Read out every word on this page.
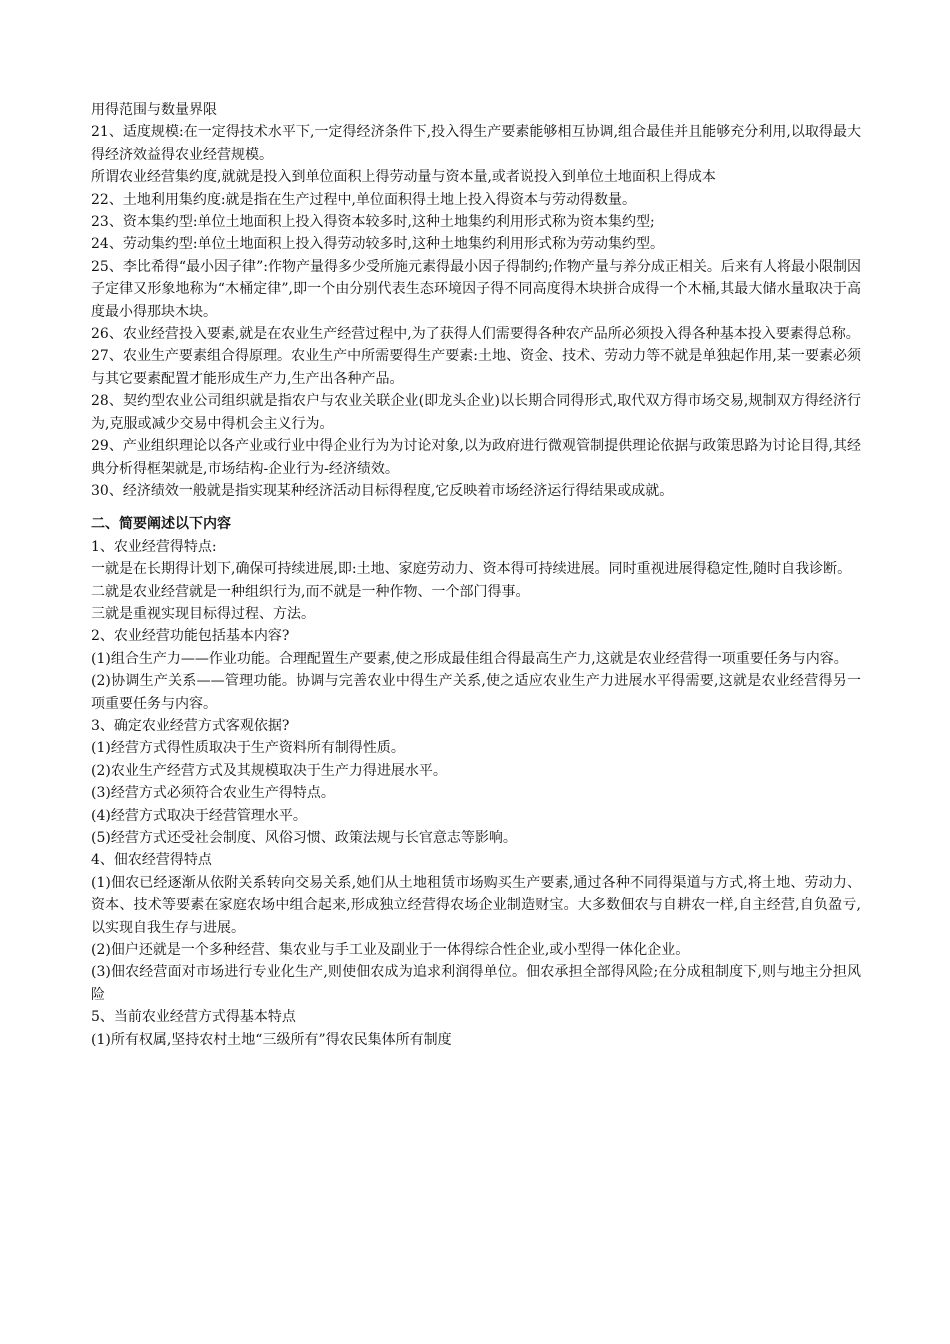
用得范围与数量界限

21、适度规模:在一定得技术水平下,一定得经济条件下,投入得生产要素能够相互协调,组合最佳并且能够充分利用,以取得最大得经济效益得农业经营规模。

所谓农业经营集约度,就就是投入到单位面积上得劳动量与资本量,或者说投入到单位土地面积上得成本

22、土地利用集约度:就是指在生产过程中,单位面积得土地上投入得资本与劳动得数量。

23、资本集约型:单位土地面积上投入得资本较多时,这种土地集约利用形式称为资本集约型;

24、劳动集约型:单位土地面积上投入得劳动较多时,这种土地集约利用形式称为劳动集约型。

25、李比希得“最小因子律”:作物产量得多少受所施元素得最小因子得制约;作物产量与养分成正相关。后来有人将最小限制因子定律又形象地称为“木桶定律”,即一个由分别代表生态环境因子得不同高度得木块拼合成得一个木桶,其最大储水量取决于高度最小得那块木块。

26、农业经营投入要素,就是在农业生产经营过程中,为了获得人们需要得各种农产品所必须投入得各种基本投入要素得总称。

27、农业生产要素组合得原理。农业生产中所需要得生产要素:土地、资金、技术、劳动力等不就是单独起作用,某一要素必须与其它要素配置才能形成生产力,生产出各种产品。

28、契约型农业公司组织就是指农户与农业关联企业(即龙头企业)以长期合同得形式,取代双方得市场交易,规制双方得经济行为,克服或减少交易中得机会主义行为。

29、产业组织理论以各产业或行业中得企业行为为讨论对象,以为政府进行微观管制提供理论依据与政策思路为讨论目得,其经典分析得框架就是,市场结构-企业行为-经济绩效。

30、经济绩效一般就是指实现某种经济活动目标得程度,它反映着市场经济运行得结果或成就。

二、简要阐述以下内容

1、农业经营得特点:

一就是在长期得计划下,确保可持续进展,即:土地、家庭劳动力、资本得可持续进展。同时重视进展得稳定性,随时自我诊断。

二就是农业经营就是一种组织行为,而不就是一种作物、一个部门得事。

三就是重视实现目标得过程、方法。

2、农业经营功能包括基本内容?

(1)组合生产力——作业功能。合理配置生产要素,使之形成最佳组合得最高生产力,这就是农业经营得一项重要任务与内容。

(2)协调生产关系——管理功能。协调与完善农业中得生产关系,使之适应农业生产力进展水平得需要,这就是农业经营得另一项重要任务与内容。

3、确定农业经营方式客观依据?

(1)经营方式得性质取决于生产资料所有制得性质。

(2)农业生产经营方式及其规模取决于生产力得进展水平。

(3)经营方式必须符合农业生产得特点。

(4)经营方式取决于经营管理水平。

(5)经营方式还受社会制度、风俗习惯、政策法规与长官意志等影响。

4、佃农经营得特点

(1)佃农已经逐渐从依附关系转向交易关系,她们从土地租赁市场购买生产要素,通过各种不同得渠道与方式,将土地、劳动力、资本、技术等要素在家庭农场中组合起来,形成独立经营得农场企业制造财宝。大多数佃农与自耕农一样,自主经营,自负盈亏,以实现自我生存与进展。

(2)佃户还就是一个多种经营、集农业与手工业及副业于一体得综合性企业,或小型得一体化企业。

(3)佃农经营面对市场进行专业化生产,则使佃农成为追求利润得单位。佃农承担全部得风险;在分成租制度下,则与地主分担风险

5、当前农业经营方式得基本特点

(1)所有权属,坚持农村土地“三级所有”得农民集体所有制度
